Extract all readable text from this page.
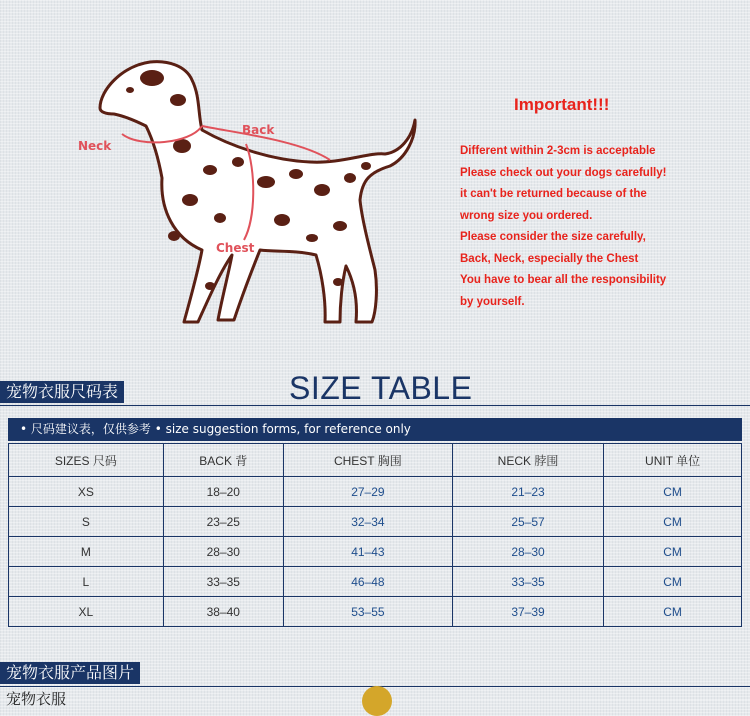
Neck
Back
Chest
Important!!!
Different within 2-3cm is acceptable
Please check out your dogs carefully!
it can't be returned because of the
wrong size you ordered.
Please consider the size carefully,
Back, Neck, especially the Chest
You have to bear all the responsibility
by yourself.
宠物衣服尺码表	SIZE TABLE
• 尺码建议表，仅供参考 • size suggestion forms, for reference only
SIZES 尺码	BACK 背	CHEST 胸围	NECK 脖围	UNIT 单位
XS	18–20	27–29	21–23	CM
S	23–25	32–34	25–57	CM
M	28–30	41–43	28–30	CM
L	33–35	46–48	33–35	CM
XL	38–40	53–55	37–39	CM
宠物衣服产品图片
宠物衣服
